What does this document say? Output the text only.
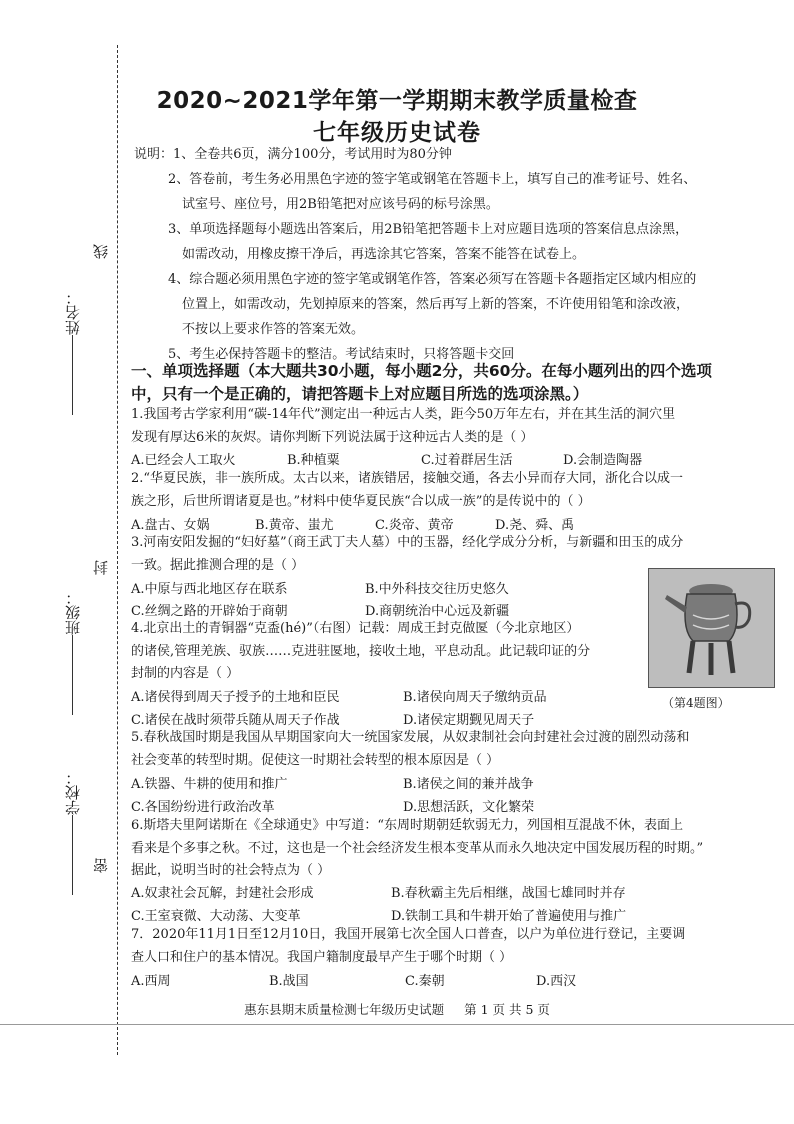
2020~2021学年第一学期期末教学质量检查
七年级历史试卷
线
封
密
姓名：
班级：
学校：
说明：1、全卷共6页，满分100分，考试用时为80分钟
2、答卷前，考生务必用黑色字迹的签字笔或钢笔在答题卡上，填写自己的准考证号、姓名、
试室号、座位号，用2B铅笔把对应该号码的标号涂黑。
3、单项选择题每小题选出答案后，用2B铅笔把答题卡上对应题目选项的答案信息点涂黑，
如需改动，用橡皮擦干净后，再选涂其它答案，答案不能答在试卷上。
4、综合题必须用黑色字迹的签字笔或钢笔作答，答案必须写在答题卡各题指定区域内相应的
位置上，如需改动，先划掉原来的答案，然后再写上新的答案，不许使用铅笔和涂改液，
不按以上要求作答的答案无效。
5、考生必保持答题卡的整洁。考试结束时，只将答题卡交回
一、单项选择题（本大题共30小题，每小题2分，共60分。在每小题列出的四个选项
中，只有一个是正确的，请把答题卡上对应题目所选的选项涂黑。）
1.我国考古学家利用“碳-14年代”测定出一种远古人类，距今50万年左右，并在其生活的洞穴里
发现有厚达6米的灰烬。请你判断下列说法属于这种远古人类的是（ ）
A.已经会人工取火	B.种植粟	C.过着群居生活	D.会制造陶器
2.“华夏民族，非一族所成。太古以来，诸族错居，接触交通，各去小异而存大同，浙化合以成一
族之形，后世所谓诸夏是也。”材料中使华夏民族“合以成一族”的是传说中的（ ）
A.盘古、女娲	B.黄帝、蚩尤	C.炎帝、黄帝	D.尧、舜、禹
3.河南安阳发掘的“妇好墓”（商王武丁夫人墓）中的玉器，经化学成分分析，与新疆和田玉的成分
一致。据此推测合理的是（ ）
A.中原与西北地区存在联系	B.中外科技交往历史悠久
C.丝绸之路的开辟始于商朝	D.商朝统治中心远及新疆
4.北京出土的青铜器“克盉(hé)”（右图）记载：周成王封克做匽（今北京地区）
的诸侯,管理羌族、驭族……克进驻匽地，接收土地，平息动乱。此记载印证的分
封制的内容是（ ）
A.诸侯得到周天子授予的土地和臣民	B.诸侯向周天子缴纳贡品
C.诸侯在战时须带兵随从周天子作战	D.诸侯定期觐见周天子
（第4题图）
5.春秋战国时期是我国从早期国家向大一统国家发展，从奴隶制社会向封建社会过渡的剧烈动荡和
社会变革的转型时期。促使这一时期社会转型的根本原因是（ ）
A.铁器、牛耕的使用和推广	B.诸侯之间的兼并战争
C.各国纷纷进行政治改革	D.思想活跃，文化繁荣
6.斯塔夫里阿诺斯在《全球通史》中写道：“东周时期朝廷软弱无力，列国相互混战不休，表面上
看来是个多事之秋。不过，这也是一个社会经济发生根本变革从而永久地决定中国发展历程的时期。”
据此，说明当时的社会特点为（ ）
A.奴隶社会瓦解，封建社会形成	B.春秋霸主先后相继，战国七雄同时并存
C.王室衰微、大动荡、大变革	D.铁制工具和牛耕开始了普遍使用与推广
7．2020年11月1日至12月10日，我国开展第七次全国人口普查，以户为单位进行登记，主要调
查人口和住户的基本情况。我国户籍制度最早产生于哪个时期（ ）
A.西周	B.战国	C.秦朝	D.西汉
惠东县期末质量检测七年级历史试题 第 1 页 共 5 页
